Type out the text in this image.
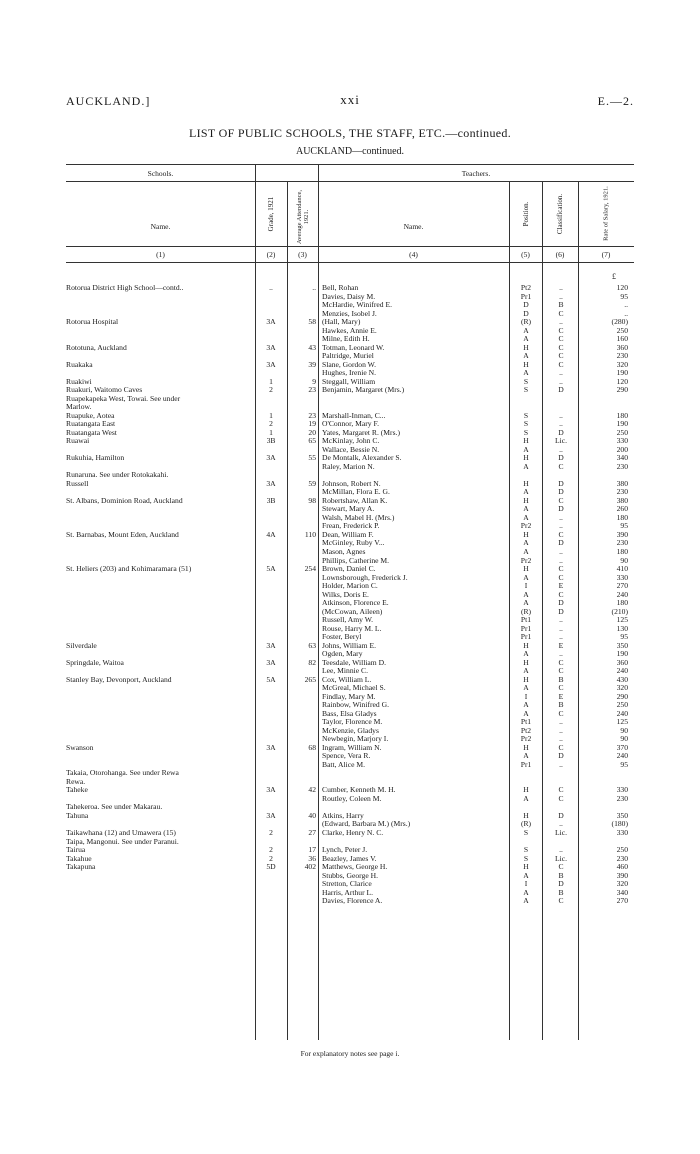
AUCKLAND.]	xxi	E.—2.
LIST OF PUBLIC SCHOOLS, THE STAFF, ETC.—continued.
AUCKLAND—continued.
Schools.	Teachers.
Name.	Name.
Grade, 1921	Average Attendance, 1921.	Position.	Classification.	Rate of Salary, 1921.
(1)	(2)	(3)	(4)	(5)	(6)	(7)
£
Rotorua District High School—contd..	..	.. Bell, Rohan	Pt2	..	120
Davies, Daisy M.	Pr1	..	95
McHardie, Winifred E.	D	B	..
Menzies, Isobel J.	D	C	..
Rotorua Hospital	3A	58 (Hall, Mary)	(R)	..	(280)
Hawkes, Annie E.	A	C	250
Milne, Edith H.	A	C	160
Rototuna, Auckland	3A	43 Totman, Leonard W.	H	C	360
Paltridge, Muriel	A	C	230
Ruakaka	3A	39 Slane, Gordon W.	H	C	320
Hughes, Irenie N.	A	..	190
Ruakiwi	1	9 Steggall, William	S	..	120
Ruakuri, Waitomo Caves	2	23 Benjamin, Margaret (Mrs.)	S	D	290
Ruapekapeka West, Towai. See under
Marlow.
Ruapuke, Aotea	1	23 Marshall-Inman, C...	S	..	180
Ruatangata East	2	19 O'Connor, Mary F.	S	..	190
Ruatangata West	1	20 Yates, Margaret R. (Mrs.)	S	D	250
Ruawai	3B	65 McKinlay, John C.	H	Lic.	330
Wallace, Bessie N.	A	..	200
Rukuhia, Hamilton	3A	55 De Montalk, Alexander S.	H	D	340
Raley, Marion N.	A	C	230
Runaruna. See under Rotokakahi.
Russell	3A	59 Johnson, Robert N.	H	D	380
McMillan, Flora E. G.	A	D	230
St. Albans, Dominion Road, Auckland	3B	98 Robertshaw, Allan K.	H	C	380
Stewart, Mary A.	A	D	260
Walsh, Mabel H. (Mrs.)	A	..	180
Frean, Frederick P.	Pr2	..	95
St. Barnabas, Mount Eden, Auckland	4A	110 Dean, William F.	H	C	390
McGinley, Ruby V...	A	D	230
Mason, Agnes	A	..	180
Phillips, Catherine M.	Pr2	..	90
St. Heliers (203) and Kohimaramara (51)	5A	254 Brown, Daniel C.	H	C	410
Lownsborough, Frederick J.	A	C	330
Holder, Marion C.	I	E	270
Wilks, Doris E.	A	C	240
Atkinson, Florence E.	A	D	180
(McCowan, Aileen)	(R)	D	(210)
Russell, Amy W.	Pt1	..	125
Rouse, Harry M. L.	Pr1	..	130
Foster, Beryl	Pr1	..	95
Silverdale	3A	63 Johns, William E.	H	E	350
Ogden, Mary	A	..	190
Springdale, Waitoa	3A	82 Teesdale, William D.	H	C	360
Lee, Minnie C.	A	C	240
Stanley Bay, Devonport, Auckland	5A	265 Cox, William L.	H	B	430
McGreal, Michael S.	A	C	320
Findlay, Mary M.	I	E	290
Rainbow, Winifred G.	A	B	250
Bass, Elsa Gladys	A	C	240
Taylor, Florence M.	Pt1	..	125
McKenzie, Gladys	Pt2	..	90
Newbegin, Marjory I.	Pr2	..	90
Swanson	3A	68 Ingram, William N.	H	C	370
Spence, Vera R.	A	D	240
Batt, Alice M.	Pr1	..	95
Takaia, Otorohanga. See under Rewa
Rewa.
Taheke	3A	42 Cumber, Kenneth M. H.	H	C	330
Routley, Coleen M.	A	C	230
Tahekeroa. See under Makarau.
Tahuna	3A	40 Atkins, Harry	H	D	350
(Edward, Barbara M.) (Mrs.)	(R)	..	(180)
Taikawhana (12) and Umawera (15)	2	27 Clarke, Henry N. C.	S	Lic.	330
Taipa, Mangonui. See under Paranui.
Tairua	2	17 Lynch, Peter J.	S	..	250
Takahue	2	36 Beazley, James V.	S	Lic.	230
Takapuna	5D	402 Matthews, George H.	H	C	460
Stubbs, George H.	A	B	390
Stretton, Clarice	I	D	320
Harris, Arthur L.	A	B	340
Davies, Florence A.	A	C	270
For explanatory notes see page i.
